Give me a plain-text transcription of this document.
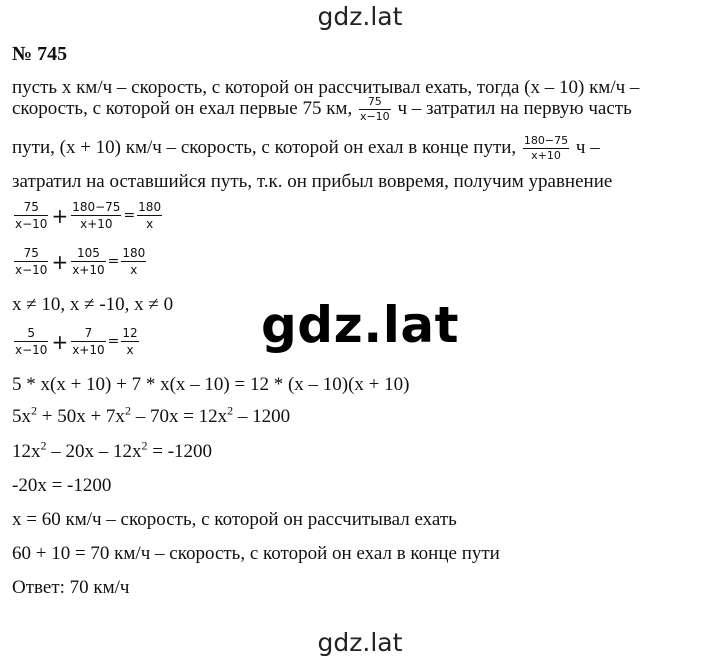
gdz.lat
gdz.lat
gdz.lat
№ 745
пусть х км/ч – скорость, с которой он рассчитывал ехать, тогда (х – 10) км/ч –
скорость, с которой он ехал первые 75 км, $\frac{75}{x-10}$ ч – затратил на первую часть
пути, (х + 10) км/ч – скорость, с которой он ехал в конце пути, $\frac{180-75}{x+10}$ ч –
затратил на оставшийся путь, т.к. он прибыл вовремя, получим уравнение
$\frac{75}{x-10} + \frac{180-75}{x+10} = \frac{180}{x}$
$\frac{75}{x-10} + \frac{105}{x+10} = \frac{180}{x}$
х ≠ 10, х ≠ -10, х ≠ 0
$\frac{5}{x-10} + \frac{7}{x+10} = \frac{12}{x}$
5 * х(х + 10) + 7 * х(х – 10) = 12 * (х – 10)(х + 10)
$5х^2 + 50х + 7х^2 - 70х = 12х^2 - 1200$
$12х^2 - 20х - 12х^2 = -1200$
-20х = -1200
х = 60 км/ч – скорость, с которой он рассчитывал ехать
60 + 10 = 70 км/ч – скорость, с которой он ехал в конце пути
Ответ: 70 км/ч
